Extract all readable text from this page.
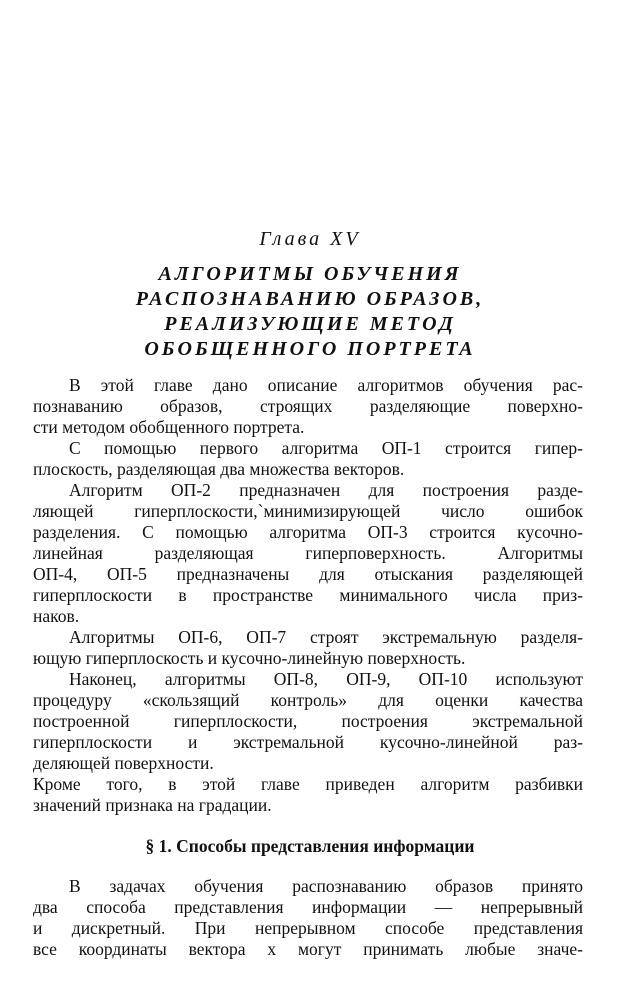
Глава XV
АЛГОРИТМЫ ОБУЧЕНИЯ
РАСПОЗНАВАНИЮ ОБРАЗОВ,
РЕАЛИЗУЮЩИЕ МЕТОД
ОБОБЩЕННОГО ПОРТРЕТА
В этой главе дано описание алгоритмов обучения рас-
познаванию образов, строящих разделяющие поверхно-
сти методом обобщенного портрета.
С помощью первого алгоритма ОП-1 строится гипер-
плоскость, разделяющая два множества векторов.
Алгоритм ОП-2 предназначен для построения разде-
ляющей гиперплоскости,`минимизирующей число ошибок
разделения. С помощью алгоритма ОП-3 строится кусочно-
линейная разделяющая гиперповерхность. Алгоритмы
ОП-4, ОП-5 предназначены для отыскания разделяющей
гиперплоскости в пространстве минимального числа приз-
наков.
Алгоритмы ОП-6, ОП-7 строят экстремальную разделя-
ющую гиперплоскость и кусочно-линейную поверхность.
Наконец, алгоритмы ОП-8, ОП-9, ОП-10 используют
процедуру «скользящий контроль» для оценки качества
построенной гиперплоскости, построения экстремальной
гиперплоскости и экстремальной кусочно-линейной раз-
деляющей поверхности.
Кроме того, в этой главе приведен алгоритм разбивки
значений признака на градации.
§ 1. Способы представления информации
В задачах обучения распознаванию образов принято
два способа представления информации — непрерывный
и дискретный. При непрерывном способе представления
все координаты вектора x могут принимать любые значе-
